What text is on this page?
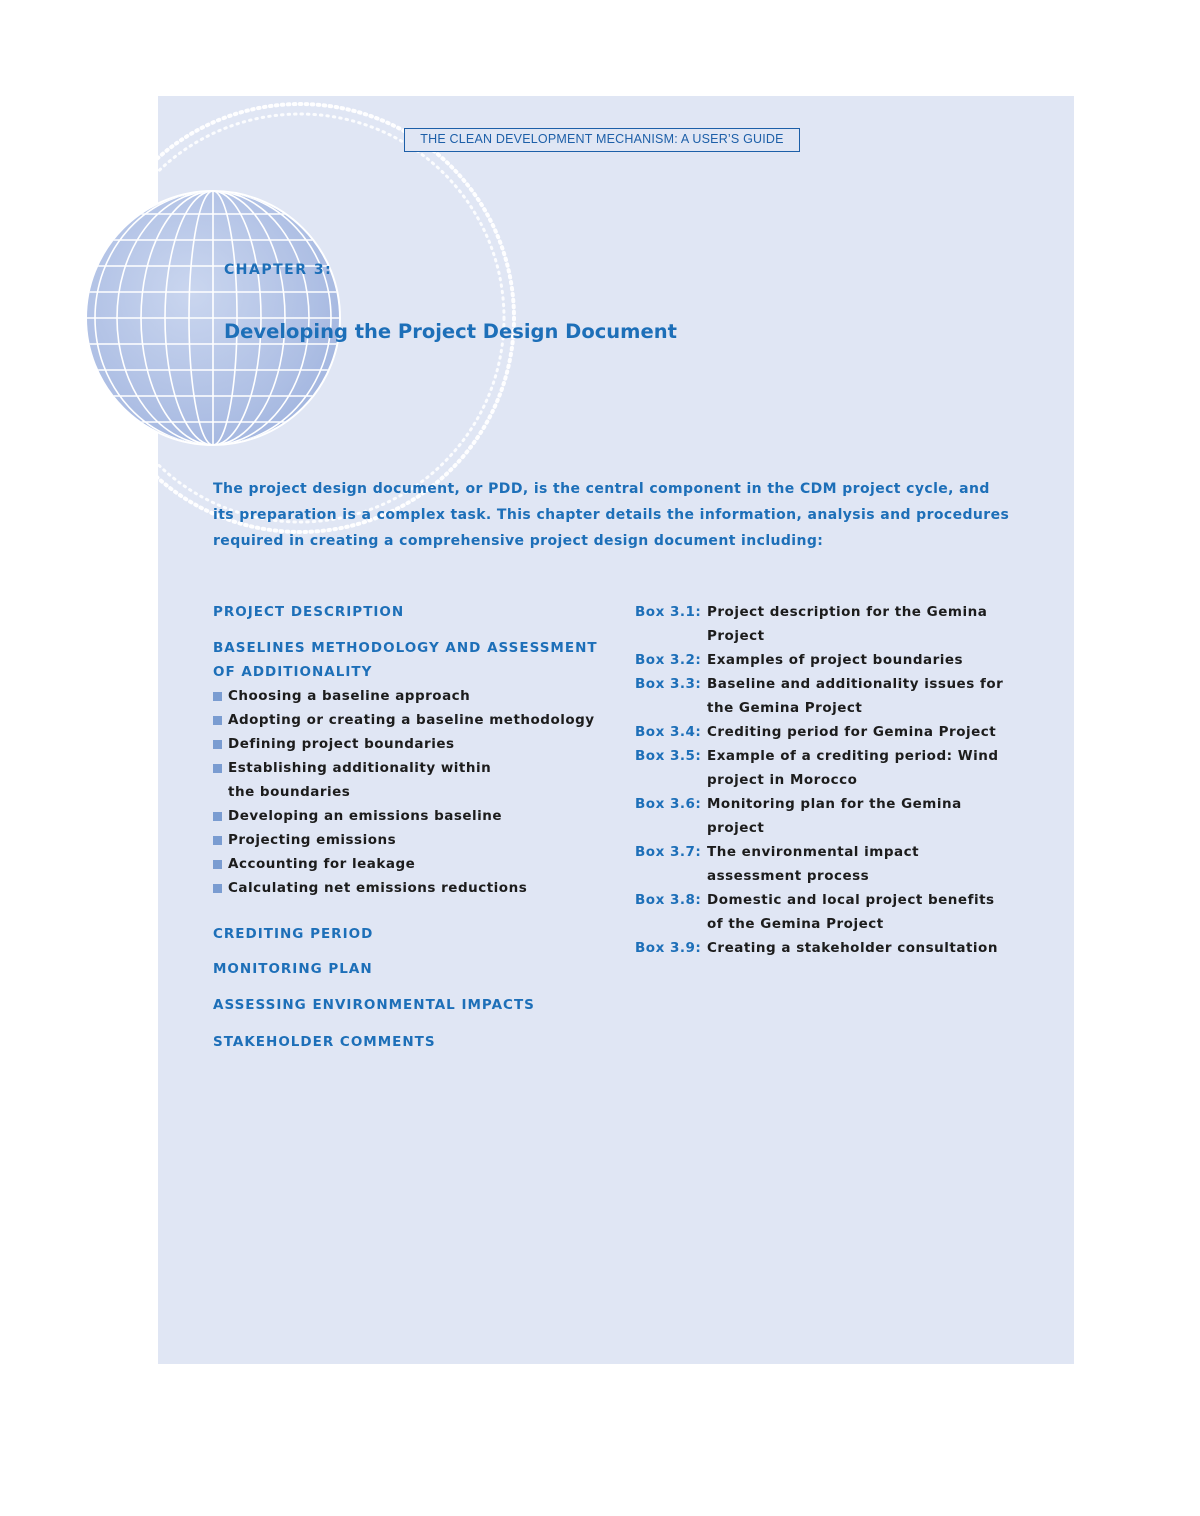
THE CLEAN DEVELOPMENT MECHANISM: A USER’S GUIDE
CHAPTER 3:
Developing the Project Design Document

The project design document, or PDD, is the central component in the CDM project cycle, and its preparation is a complex task. This chapter details the information, analysis and procedures required in creating a comprehensive project design document including:

PROJECT DESCRIPTION
BASELINES METHODOLOGY AND ASSESSMENT OF ADDITIONALITY
Choosing a baseline approach
Adopting or creating a baseline methodology
Defining project boundaries
Establishing additionality within the boundaries
Developing an emissions baseline
Projecting emissions
Accounting for leakage
Calculating net emissions reductions
CREDITING PERIOD
MONITORING PLAN
ASSESSING ENVIRONMENTAL IMPACTS
STAKEHOLDER COMMENTS
Box 3.1: Project description for the Gemina Project
Box 3.2: Examples of project boundaries
Box 3.3: Baseline and additionality issues for the Gemina Project
Box 3.4: Crediting period for Gemina Project
Box 3.5: Example of a crediting period: Wind project in Morocco
Box 3.6: Monitoring plan for the Gemina project
Box 3.7: The environmental impact assessment process
Box 3.8: Domestic and local project benefits of the Gemina Project
Box 3.9: Creating a stakeholder consultation
